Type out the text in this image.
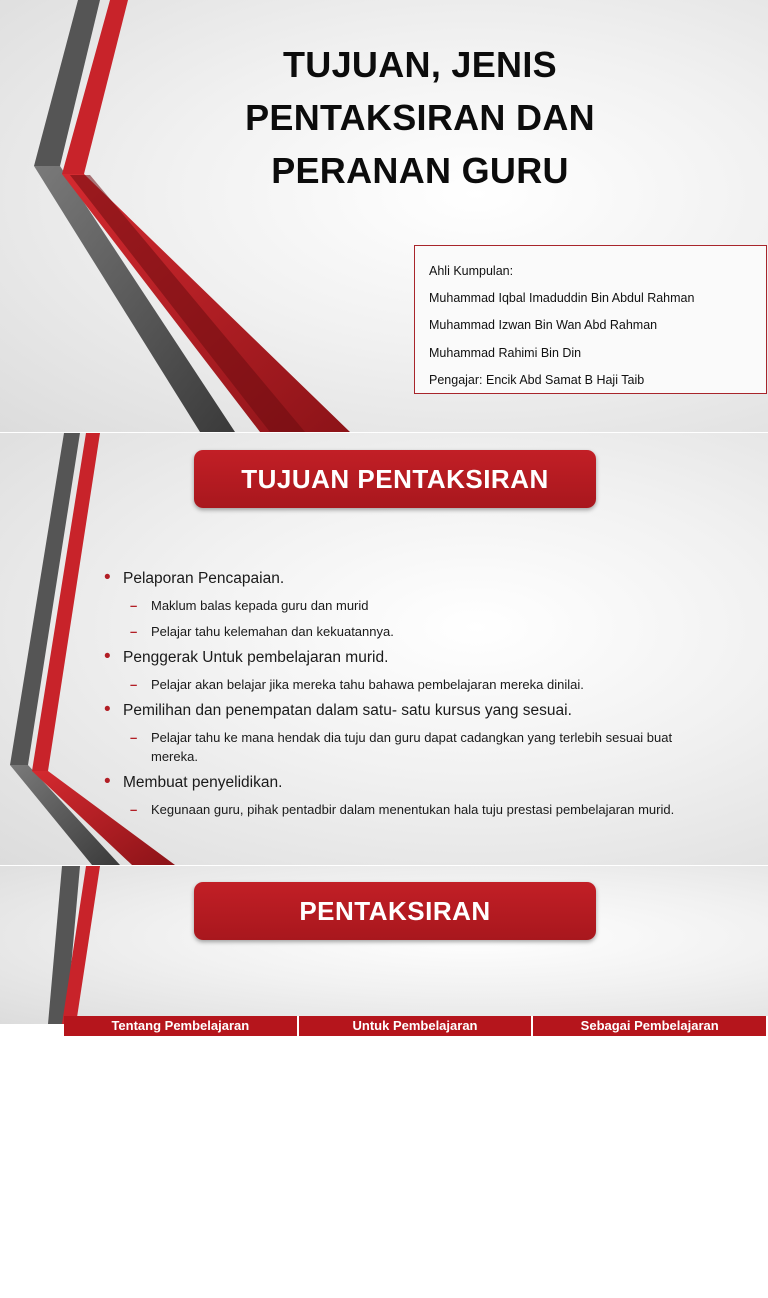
TUJUAN, JENIS PENTAKSIRAN DAN PERANAN GURU

Ahli Kumpulan:

Muhammad Iqbal Imaduddin Bin Abdul Rahman

Muhammad Izwan Bin Wan Abd Rahman

Muhammad Rahimi Bin Din

Pengajar: Encik Abd Samat B Haji Taib

TUJUAN PENTAKSIRAN
• Pelaporan Pencapaian.
– Maklum balas kepada guru dan murid
– Pelajar tahu kelemahan dan kekuatannya.
• Penggerak Untuk pembelajaran murid.
– Pelajar akan belajar jika mereka tahu bahawa pembelajaran mereka dinilai.
• Pemilihan dan penempatan dalam satu- satu kursus yang sesuai.
– Pelajar tahu ke mana hendak dia tuju dan guru dapat cadangkan yang terlebih sesuai buat mereka.
• Membuat penyelidikan.
– Kegunaan guru, pihak pentadbir dalam menentukan hala tuju prestasi pembelajaran murid.
PENTAKSIRAN
Tentang Pembelajaran	Untuk Pembelajaran	Sebagai Pembelajaran
